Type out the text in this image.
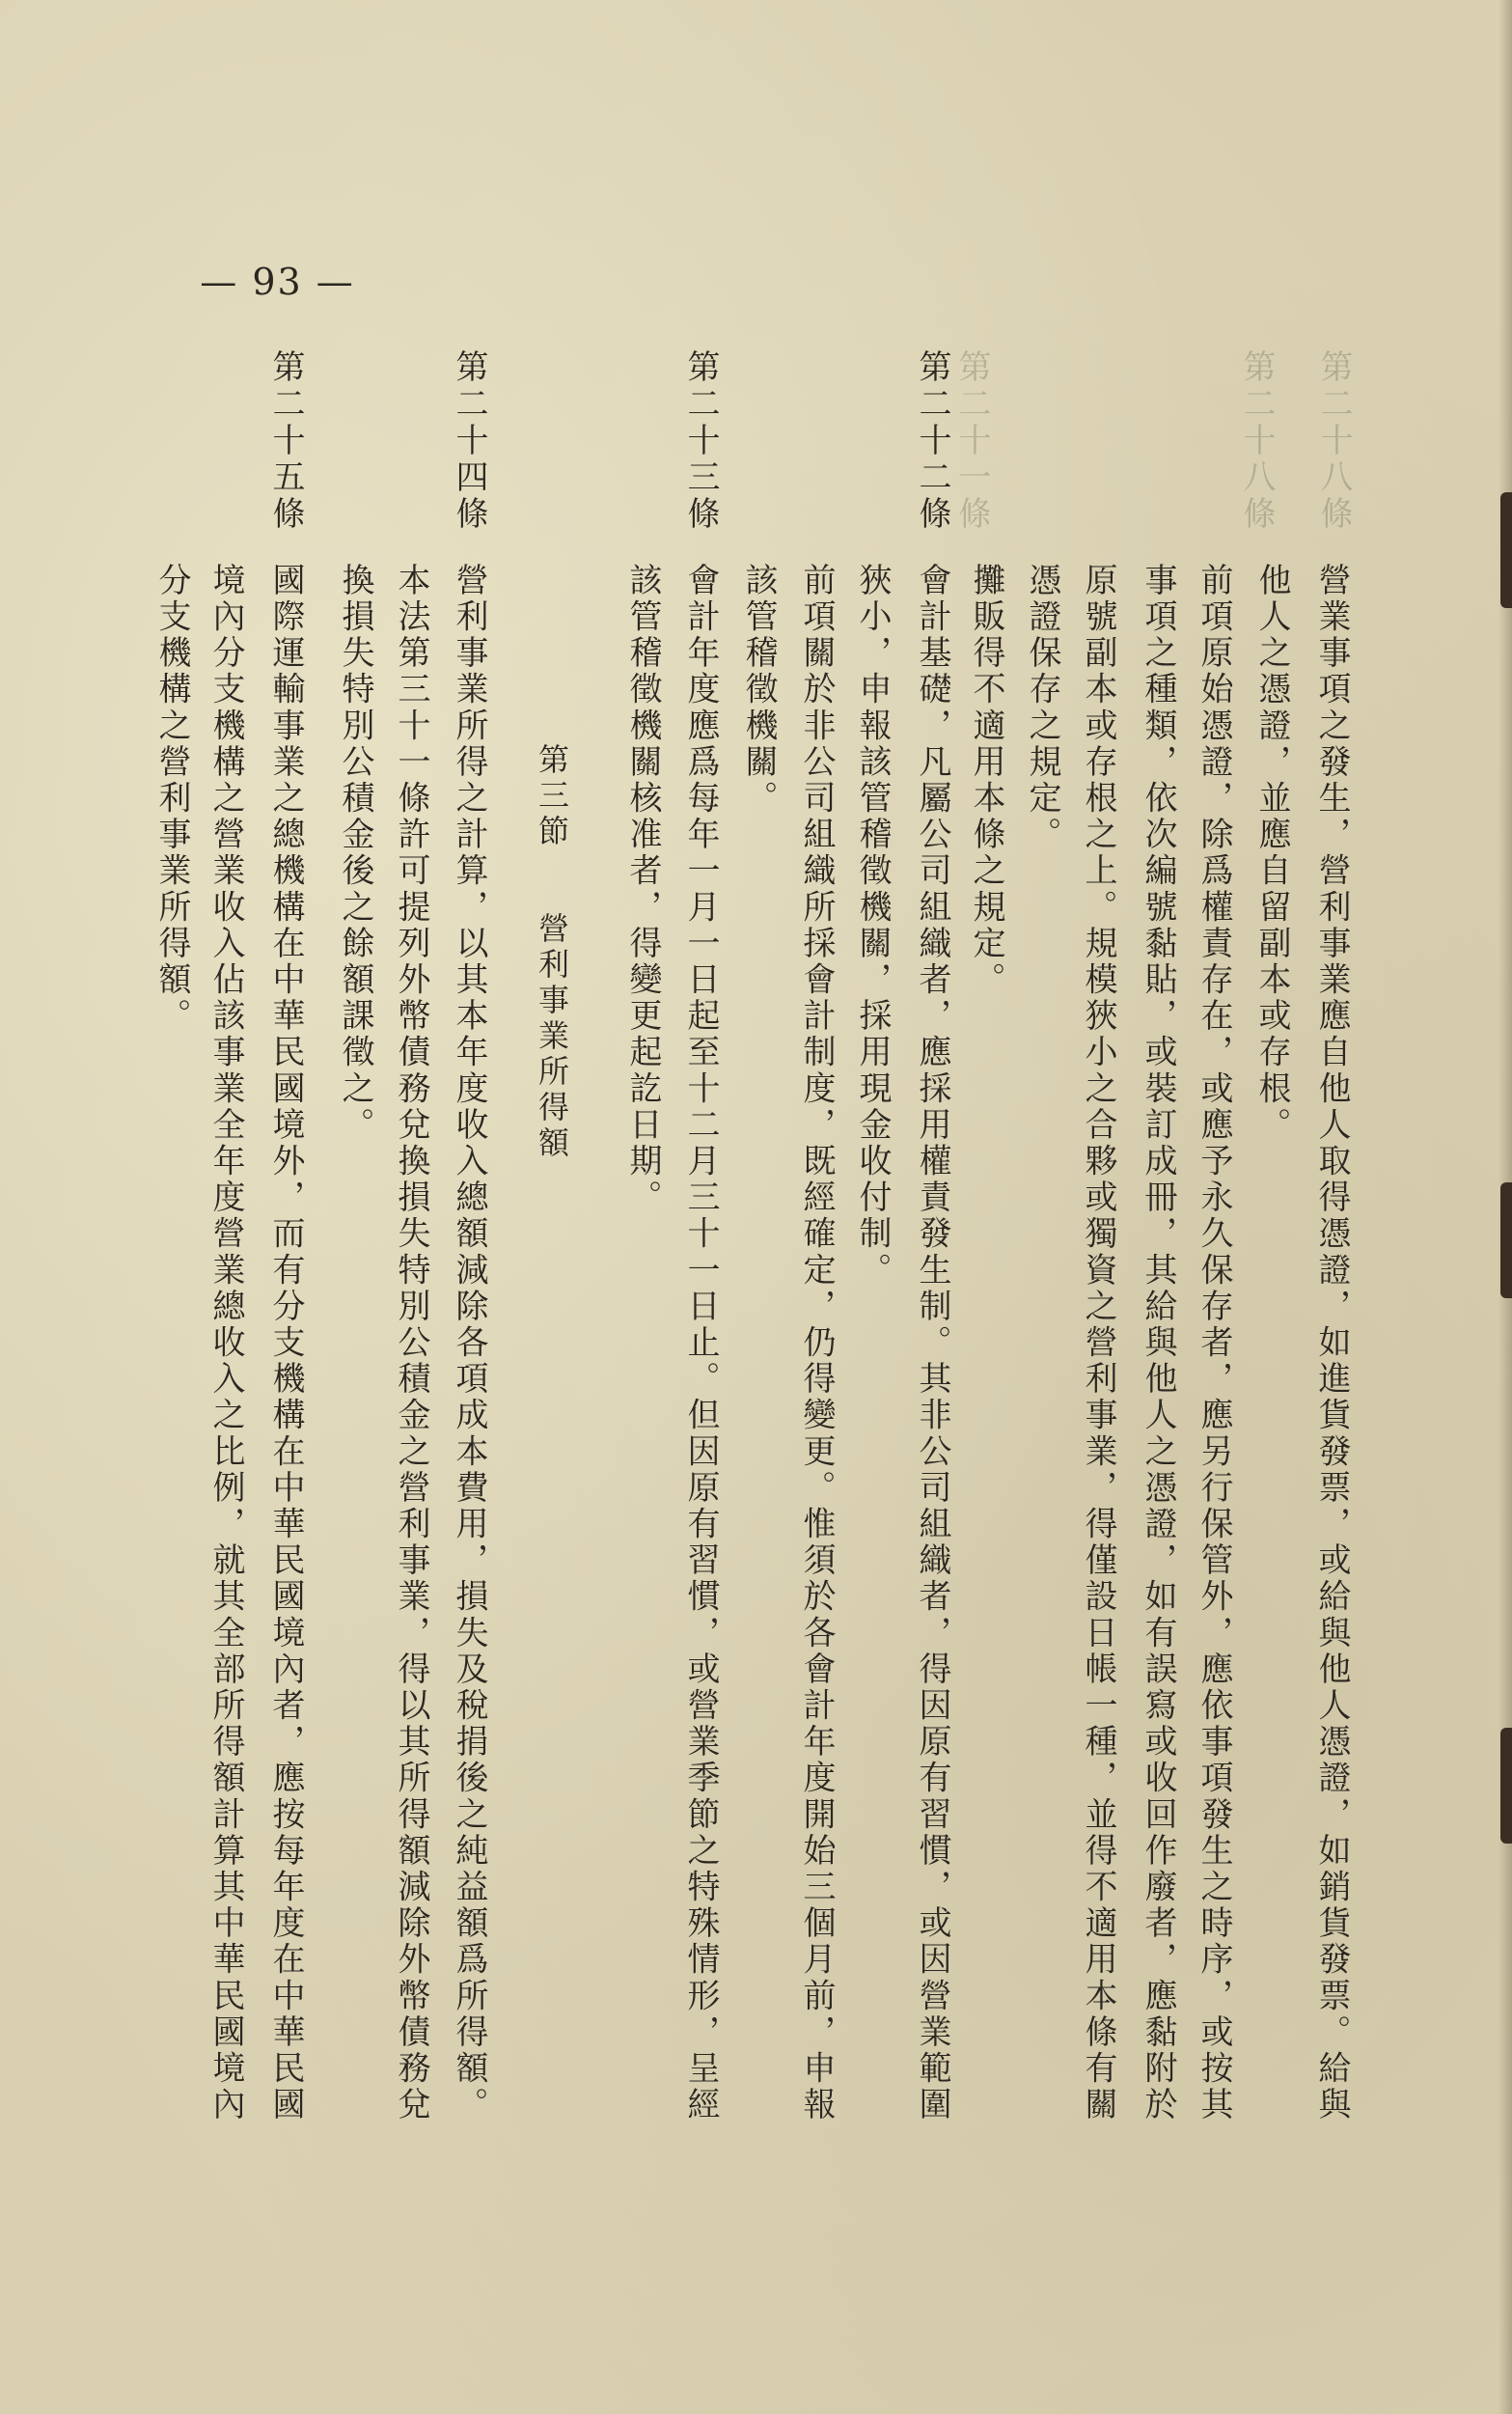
— 93 —
第二十八條
第二十八條
第二十一條
營業事項之發生，營利事業應自他人取得憑證，如進貨發票，或給與他人憑證，如銷貨發票。給與
他人之憑證，並應自留副本或存根。
前項原始憑證，除爲權責存在，或應予永久保存者，應另行保管外，應依事項發生之時序，或按其
事項之種類，依次編號黏貼，或裝訂成冊，其給與他人之憑證，如有誤寫或收回作廢者，應黏附於
原號副本或存根之上。規模狹小之合夥或獨資之營利事業，得僅設日帳一種，並得不適用本條有關
憑證保存之規定。
攤販得不適用本條之規定。
第二十二條
會計基礎，凡屬公司組織者，應採用權責發生制。其非公司組織者，得因原有習慣，或因營業範圍
狹小，申報該管稽徵機關，採用現金收付制。
前項關於非公司組織所採會計制度，既經確定，仍得變更。惟須於各會計年度開始三個月前，申報
該管稽徵機關。
第二十三條
會計年度應爲每年一月一日起至十二月三十一日止。但因原有習慣，或營業季節之特殊情形，呈經
該管稽徵機關核准者，得變更起訖日期。
第三節
營利事業所得額
第二十四條
營利事業所得之計算，以其本年度收入總額減除各項成本費用，損失及稅捐後之純益額爲所得額。
本法第三十一條許可提列外幣債務兌換損失特別公積金之營利事業，得以其所得額減除外幣債務兌
換損失特別公積金後之餘額課徵之。
第二十五條
國際運輸事業之總機構在中華民國境外，而有分支機構在中華民國境內者，應按每年度在中華民國
境內分支機構之營業收入佔該事業全年度營業總收入之比例，就其全部所得額計算其中華民國境內
分支機構之營利事業所得額。
